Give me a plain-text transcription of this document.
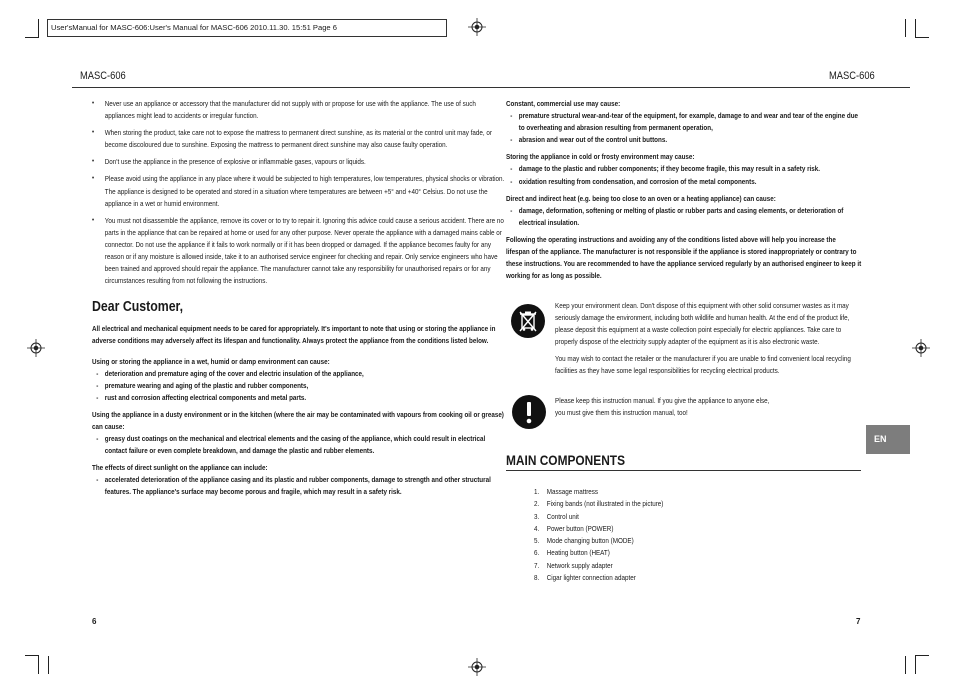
User'sManual for MASC-606:User's Manual for MASC-606 2010.11.30. 15:51 Page 6
MASC-606	MASC-606
• Never use an appliance or accessory that the manufacturer did not supply with or propose for use with the appliance. The use of such appliances might lead to accidents or irregular function.
• When storing the product, take care not to expose the mattress to permanent direct sunshine, as its material or the control unit may fade, or become discoloured due to sunshine. Exposing the mattress to permanent direct sunshine may also cause faulty operation.
• Don't use the appliance in the presence of explosive or inflammable gases, vapours or liquids.
• Please avoid using the appliance in any place where it would be subjected to high temperatures, low temperatures, physical shocks or vibration. The appliance is designed to be operated and stored in a situation where temperatures are between +5° and +40° Celsius. Do not use the appliance in a wet or humid environment.
• You must not disassemble the appliance, remove its cover or to try to repair it. Ignoring this advice could cause a serious accident. There are no parts in the appliance that can be repaired at home or used for any other purpose. Never operate the appliance with a damaged mains cable or connector. Do not use the appliance if it fails to work normally or if it has been dropped or damaged. If the appliance becomes faulty for any reason or if any moisture is allowed inside, take it to an authorised service engineer for checking and repair. Only service engineers who have been trained and approved should repair the appliance. The manufacturer cannot take any responsibility for unauthorised repairs or for any circumstances resulting from not following the instructions.
Dear Customer,
All electrical and mechanical equipment needs to be cared for appropriately. It's important to note that using or storing the appliance in adverse conditions may adversely affect its lifespan and functionality. Always protect the appliance from the conditions listed below.
Using or storing the appliance in a wet, humid or damp environment can cause:
- deterioration and premature aging of the cover and electric insulation of the appliance,
- premature wearing and aging of the plastic and rubber components,
- rust and corrosion affecting electrical components and metal parts.
Using the appliance in a dusty environment or in the kitchen (where the air may be contaminated with vapours from cooking oil or grease) can cause:
- greasy dust coatings on the mechanical and electrical elements and the casing of the appliance, which could result in electrical contact failure or even complete breakdown, and damage the plastic and rubber elements.
The effects of direct sunlight on the appliance can include:
- accelerated deterioration of the appliance casing and its plastic and rubber components, damage to strength and other structural features. The appliance's surface may become porous and fragile, which may result in a safety risk.
6
Constant, commercial use may cause:
- premature structural wear-and-tear of the equipment, for example, damage to and wear and tear of the engine due to overheating and abrasion resulting from permanent operation,
- abrasion and wear out of the control unit buttons.
Storing the appliance in cold or frosty environment may cause:
- damage to the plastic and rubber components; if they become fragile, this may result in a safety risk.
- oxidation resulting from condensation, and corrosion of the metal components.
Direct and indirect heat (e.g. being too close to an oven or a heating appliance) can cause:
- damage, deformation, softening or melting of plastic or rubber parts and casing elements, or deterioration of electrical insulation.
Following the operating instructions and avoiding any of the conditions listed above will help you increase the lifespan of the appliance. The manufacturer is not responsible if the appliance is stored inappropriately or contrary to these instructions. You are recommended to have the appliance serviced regularly by an authorised engineer to keep it working for as long as possible.
Keep your environment clean. Don't dispose of this equipment with other solid consumer wastes as it may seriously damage the environment, including both wildlife and human health. At the end of the product life, please deposit this equipment at a waste collection point especially for electric appliances. Take care to properly dispose of the electricity supply adapter of the equipment as it is also electronic waste.
You may wish to contact the retailer or the manufacturer if you are unable to find convenient local recycling facilities as they have some legal responsibilities for recycling electrical products.
Please keep this instruction manual. If you give the appliance to anyone else, you must give them this instruction manual, too!
EN
MAIN COMPONENTS
1.	Massage mattress
2.	Fixing bands (not illustrated in the picture)
3.	Control unit
4.	Power button (POWER)
5.	Mode changing button (MODE)
6.	Heating button (HEAT)
7.	Network supply adapter
8.	Cigar lighter connection adapter
7
